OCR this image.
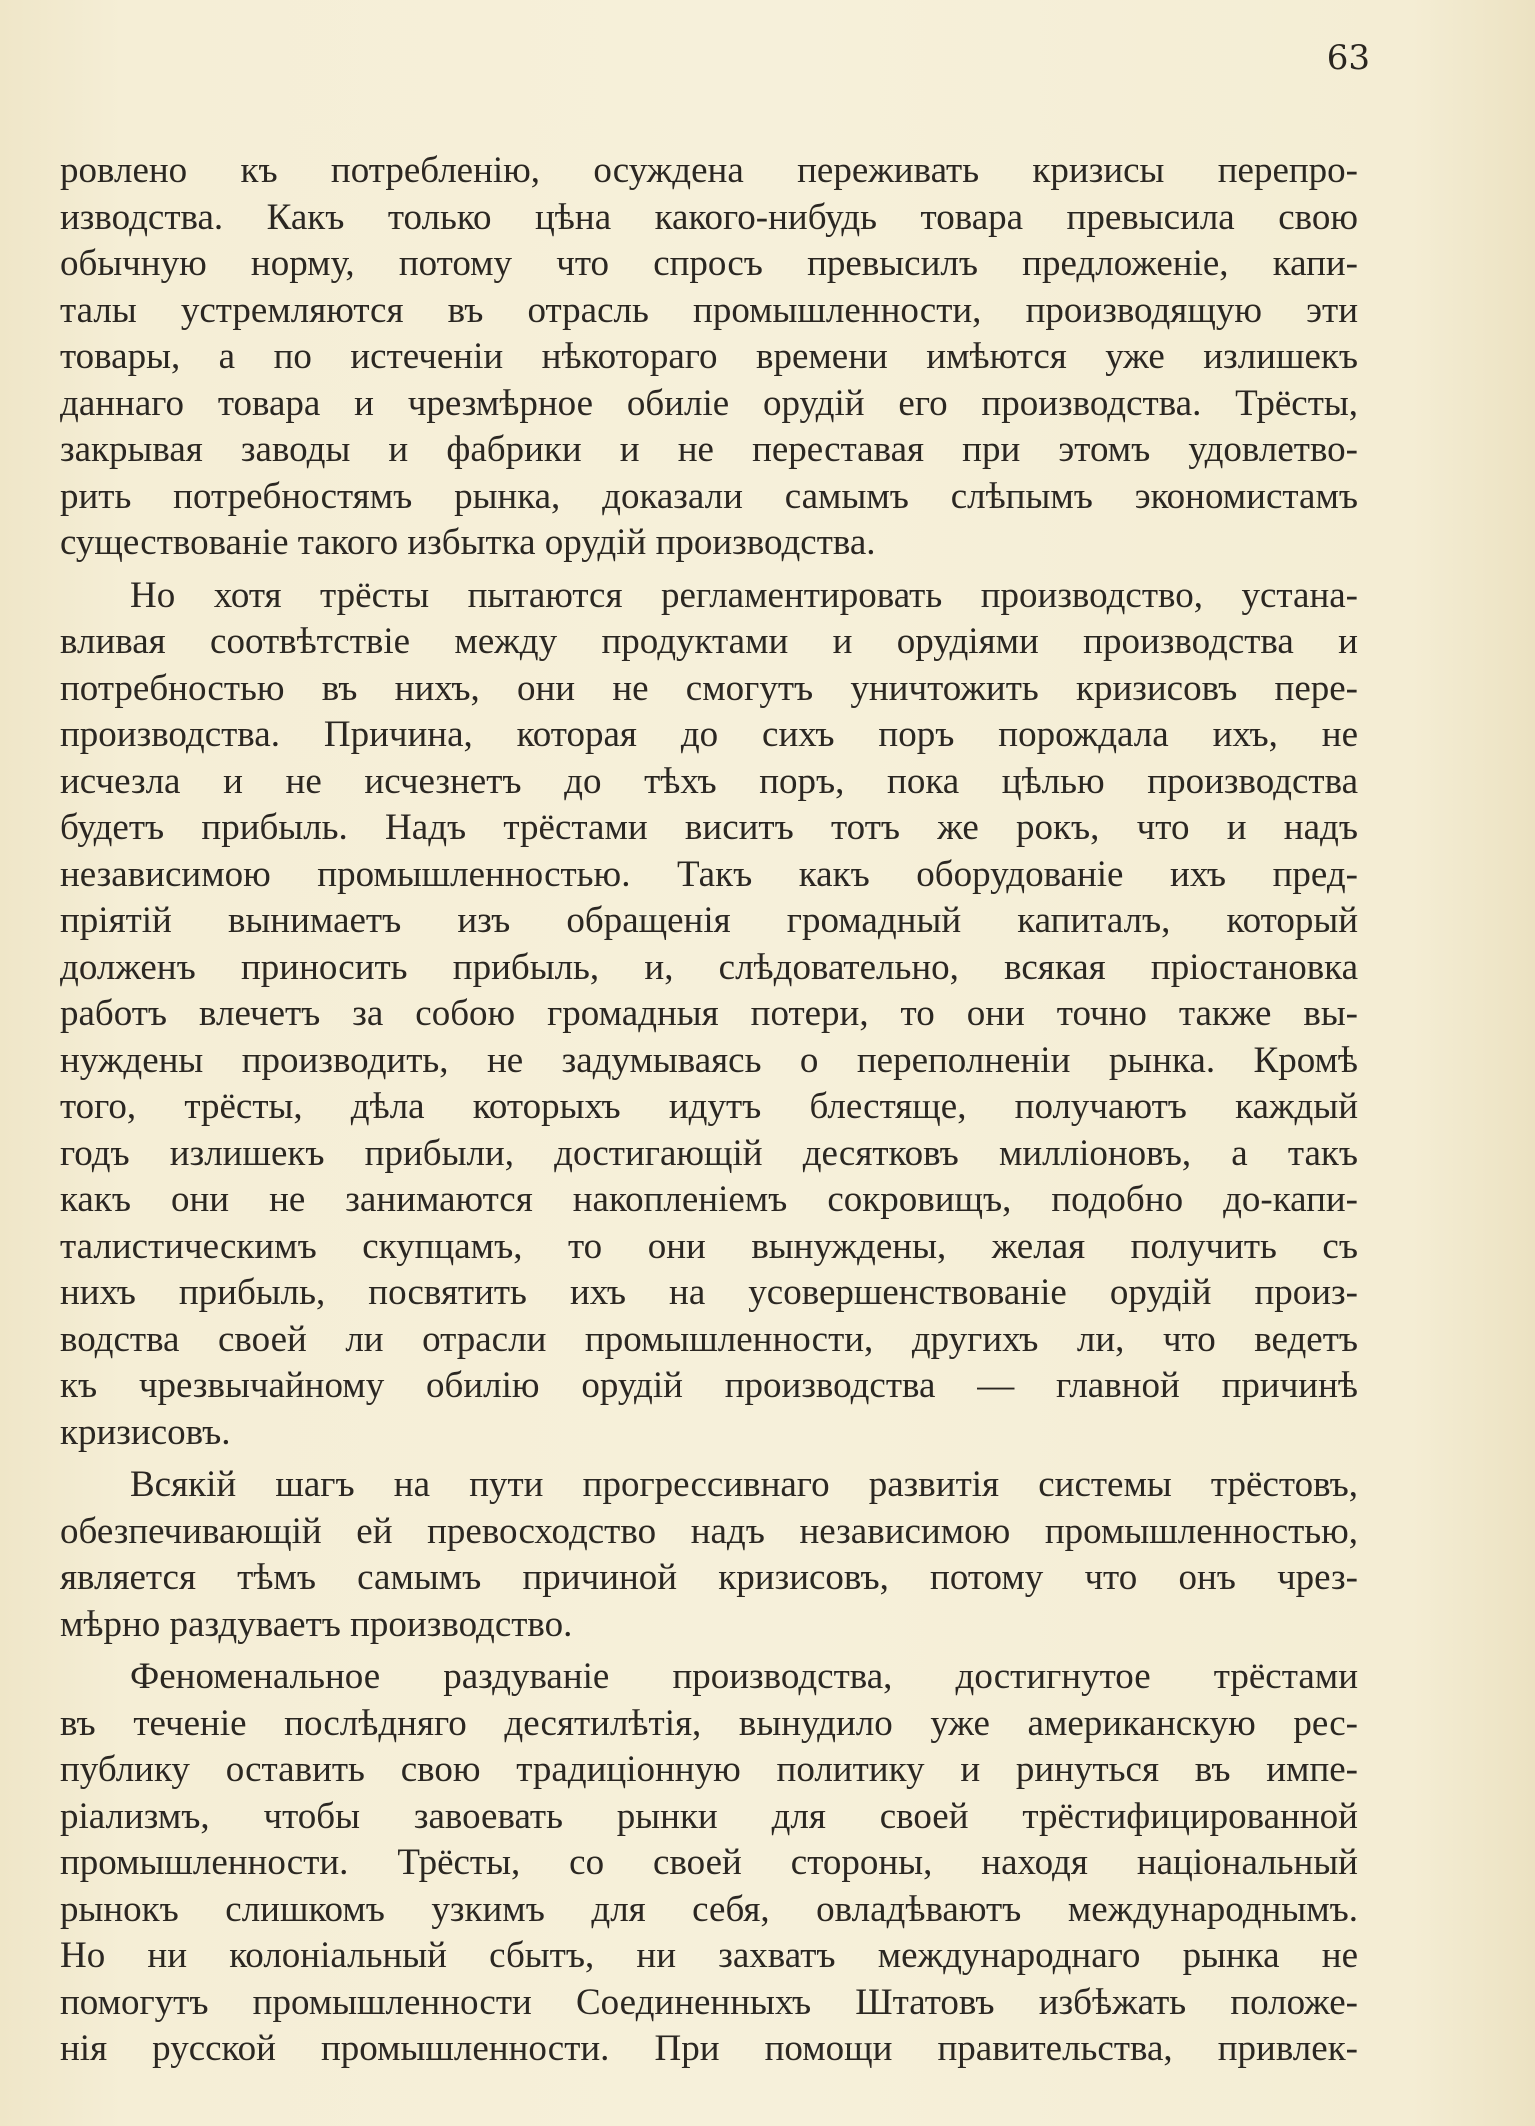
63
ровлено къ потребленію, осуждена переживать кризисы перепро-
изводства. Какъ только цѣна какого-нибудь товара превысила свою
обычную норму, потому что спросъ превысилъ предложеніе, капи-
талы устремляются въ отрасль промышленности, производящую эти
товары, а по истеченіи нѣкотораго времени имѣются уже излишекъ
даннаго товара и чрезмѣрное обиліе орудій его производства. Трёсты,
закрывая заводы и фабрики и не переставая при этомъ удовлетво-
рить потребностямъ рынка, доказали самымъ слѣпымъ экономистамъ
существованіе такого избытка орудій производства.
Но хотя трёсты пытаются регламентировать производство, устана-
вливая соотвѣтствіе между продуктами и орудіями производства и
потребностью въ нихъ, они не смогутъ уничтожить кризисовъ пере-
производства. Причина, которая до сихъ поръ порождала ихъ, не
исчезла и не исчезнетъ до тѣхъ поръ, пока цѣлью производства
будетъ прибыль. Надъ трёстами виситъ тотъ же рокъ, что и надъ
независимою промышленностью. Такъ какъ оборудованіе ихъ пред-
пріятій вынимаетъ изъ обращенія громадный капиталъ, который
долженъ приносить прибыль, и, слѣдовательно, всякая пріостановка
работъ влечетъ за собою громадныя потери, то они точно также вы-
нуждены производить, не задумываясь о переполненіи рынка. Кромѣ
того, трёсты, дѣла которыхъ идутъ блестяще, получаютъ каждый
годъ излишекъ прибыли, достигающій десятковъ милліоновъ, а такъ
какъ они не занимаются накопленіемъ сокровищъ, подобно до-капи-
талистическимъ скупцамъ, то они вынуждены, желая получить съ
нихъ прибыль, посвятить ихъ на усовершенствованіе орудій произ-
водства своей ли отрасли промышленности, другихъ ли, что ведетъ
къ чрезвычайному обилію орудій производства — главной причинѣ
кризисовъ.
Всякій шагъ на пути прогрессивнаго развитія системы трёстовъ,
обезпечивающій ей превосходство надъ независимою промышленностью,
является тѣмъ самымъ причиной кризисовъ, потому что онъ чрез-
мѣрно раздуваетъ производство.
Феноменальное раздуваніе производства, достигнутое трёстами
въ теченіе послѣдняго десятилѣтія, вынудило уже американскую рес-
публику оставить свою традиціонную политику и ринуться въ импе-
ріализмъ, чтобы завоевать рынки для своей трёстифицированной
промышленности. Трёсты, со своей стороны, находя національный
рынокъ слишкомъ узкимъ для себя, овладѣваютъ международнымъ.
Но ни колоніальный сбытъ, ни захватъ международнаго рынка не
помогутъ промышленности Соединенныхъ Штатовъ избѣжать положе-
нія русской промышленности. При помощи правительства, привлек-
